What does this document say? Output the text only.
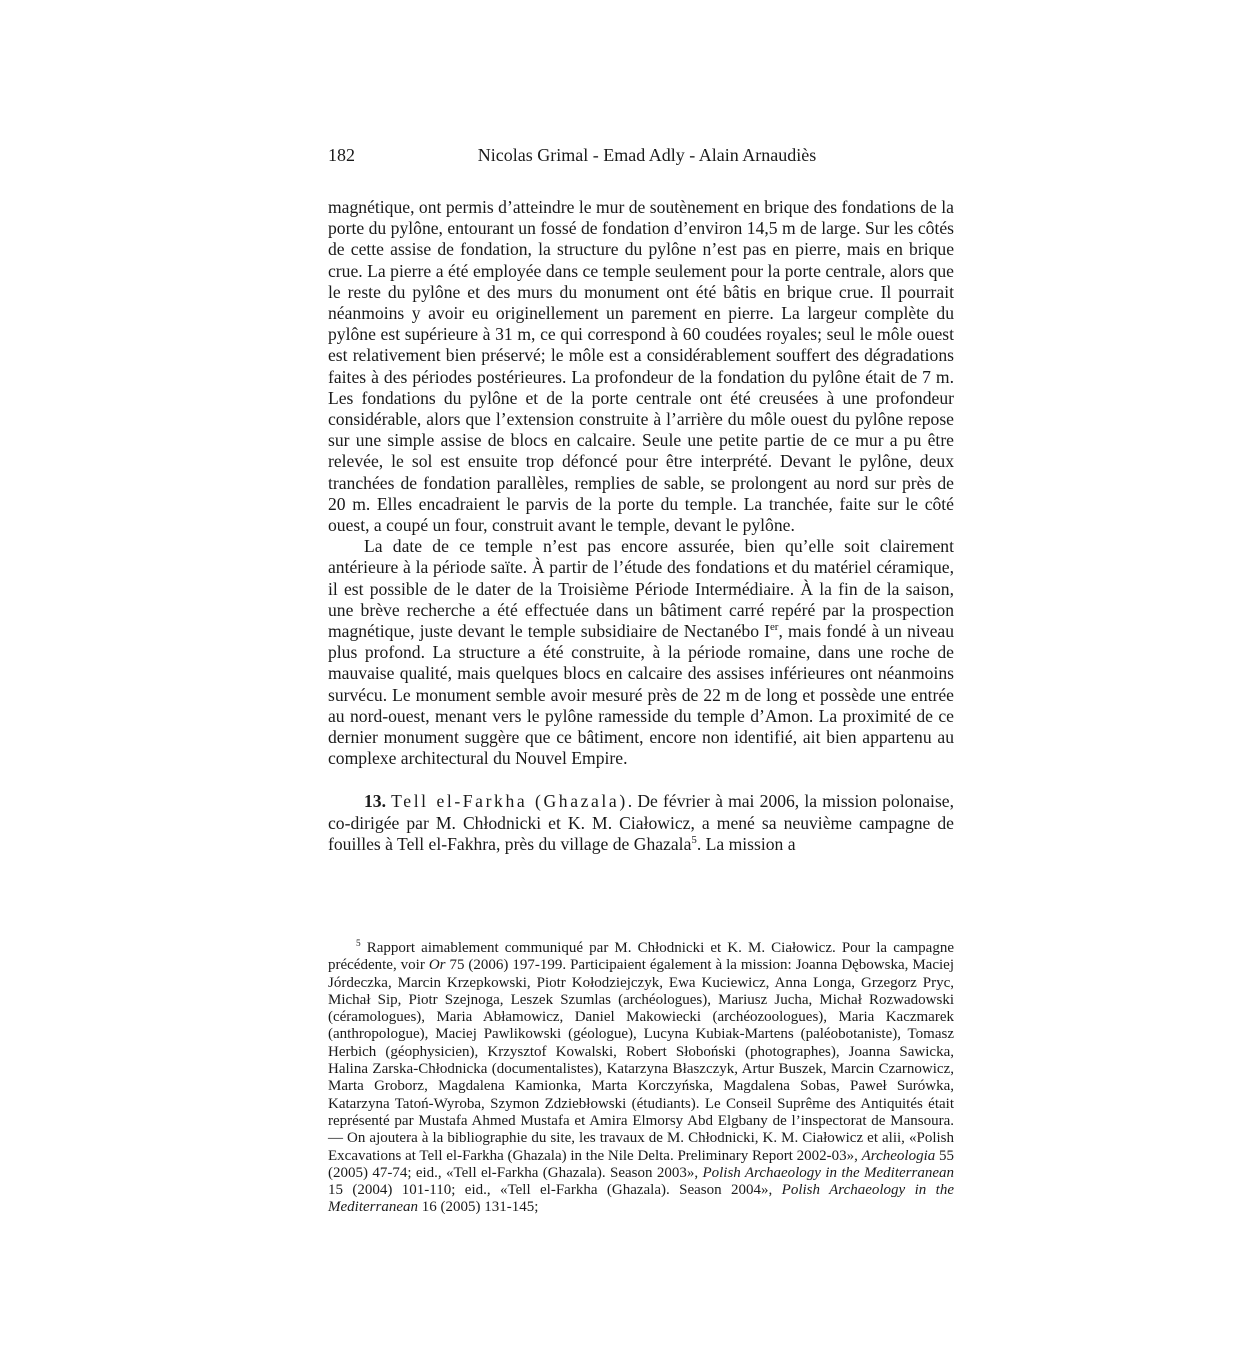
182	Nicolas Grimal - Emad Adly - Alain Arnaudiès

magnétique, ont permis d’atteindre le mur de soutènement en brique des fondations de la porte du pylône, entourant un fossé de fondation d’environ 14,5 m de large. Sur les côtés de cette assise de fondation, la structure du pylône n’est pas en pierre, mais en brique crue. La pierre a été employée dans ce temple seulement pour la porte centrale, alors que le reste du pylône et des murs du monument ont été bâtis en brique crue. Il pourrait néanmoins y avoir eu originellement un parement en pierre. La largeur complète du pylône est supérieure à 31 m, ce qui correspond à 60 coudées royales; seul le môle ouest est relativement bien préservé; le môle est a considérablement souffert des dégradations faites à des périodes postérieures. La profondeur de la fondation du pylône était de 7 m. Les fondations du pylône et de la porte centrale ont été creusées à une profondeur considérable, alors que l’extension construite à l’arrière du môle ouest du pylône repose sur une simple assise de blocs en calcaire. Seule une petite partie de ce mur a pu être relevée, le sol est ensuite trop défoncé pour être interprété. Devant le pylône, deux tranchées de fondation parallèles, remplies de sable, se prolongent au nord sur près de 20 m. Elles encadraient le parvis de la porte du temple. La tranchée, faite sur le côté ouest, a coupé un four, construit avant le temple, devant le pylône.

La date de ce temple n’est pas encore assurée, bien qu’elle soit clairement antérieure à la période saïte. À partir de l’étude des fondations et du matériel céramique, il est possible de le dater de la Troisième Période Intermédiaire. À la fin de la saison, une brève recherche a été effectuée dans un bâtiment carré repéré par la prospection magnétique, juste devant le temple subsidiaire de Nectanébo Ier, mais fondé à un niveau plus profond. La structure a été construite, à la période romaine, dans une roche de mauvaise qualité, mais quelques blocs en calcaire des assises inférieures ont néanmoins survécu. Le monument semble avoir mesuré près de 22 m de long et possède une entrée au nord-ouest, menant vers le pylône ramesside du temple d’Amon. La proximité de ce dernier monument suggère que ce bâtiment, encore non identifié, ait bien appartenu au complexe architectural du Nouvel Empire.

13. Tell el-Farkha (Ghazala). De février à mai 2006, la mission polonaise, co-dirigée par M. Chłodnicki et K. M. Ciałowicz, a mené sa neuvième campagne de fouilles à Tell el-Fakhra, près du village de Ghazala$^5$. La mission a

$^5$ Rapport aimablement communiqué par M. Chłodnicki et K. M. Ciałowicz. Pour la campagne précédente, voir Or 75 (2006) 197-199. Participaient également à la mission: Joanna Dębowska, Maciej Jórdeczka, Marcin Krzepkowski, Piotr Kołodziejczyk, Ewa Kuciewicz, Anna Longa, Grzegorz Pryc, Michał Sip, Piotr Szejnoga, Leszek Szumlas (archéologues), Mariusz Jucha, Michał Rozwadowski (céramologues), Maria Abłamowicz, Daniel Makowiecki (archéozoologues), Maria Kaczmarek (anthropologue), Maciej Pawlikowski (géologue), Lucyna Kubiak-Martens (paléobotaniste), Tomasz Herbich (géophysicien), Krzysztof Kowalski, Robert Słoboński (photographes), Joanna Sawicka, Halina Zarska-Chłodnicka (documentalistes), Katarzyna Błaszczyk, Artur Buszek, Marcin Czarnowicz, Marta Groborz, Magdalena Kamionka, Marta Korczyńska, Magdalena Sobas, Paweł Surówka, Katarzyna Tatoń-Wyroba, Szymon Zdziebłowski (étudiants). Le Conseil Suprême des Antiquités était représenté par Mustafa Ahmed Mustafa et Amira Elmorsy Abd Elgbany de l’inspectorat de Mansoura. — On ajoutera à la bibliographie du site, les travaux de M. Chłodnicki, K. M. Ciałowicz et alii, «Polish Excavations at Tell el-Farkha (Ghazala) in the Nile Delta. Preliminary Report 2002-03», Archeologia 55 (2005) 47-74; eid., «Tell el-Farkha (Ghazala). Season 2003», Polish Archaeology in the Mediterranean 15 (2004) 101-110; eid., «Tell el-Farkha (Ghazala). Season 2004», Polish Archaeology in the Mediterranean 16 (2005) 131-145;
